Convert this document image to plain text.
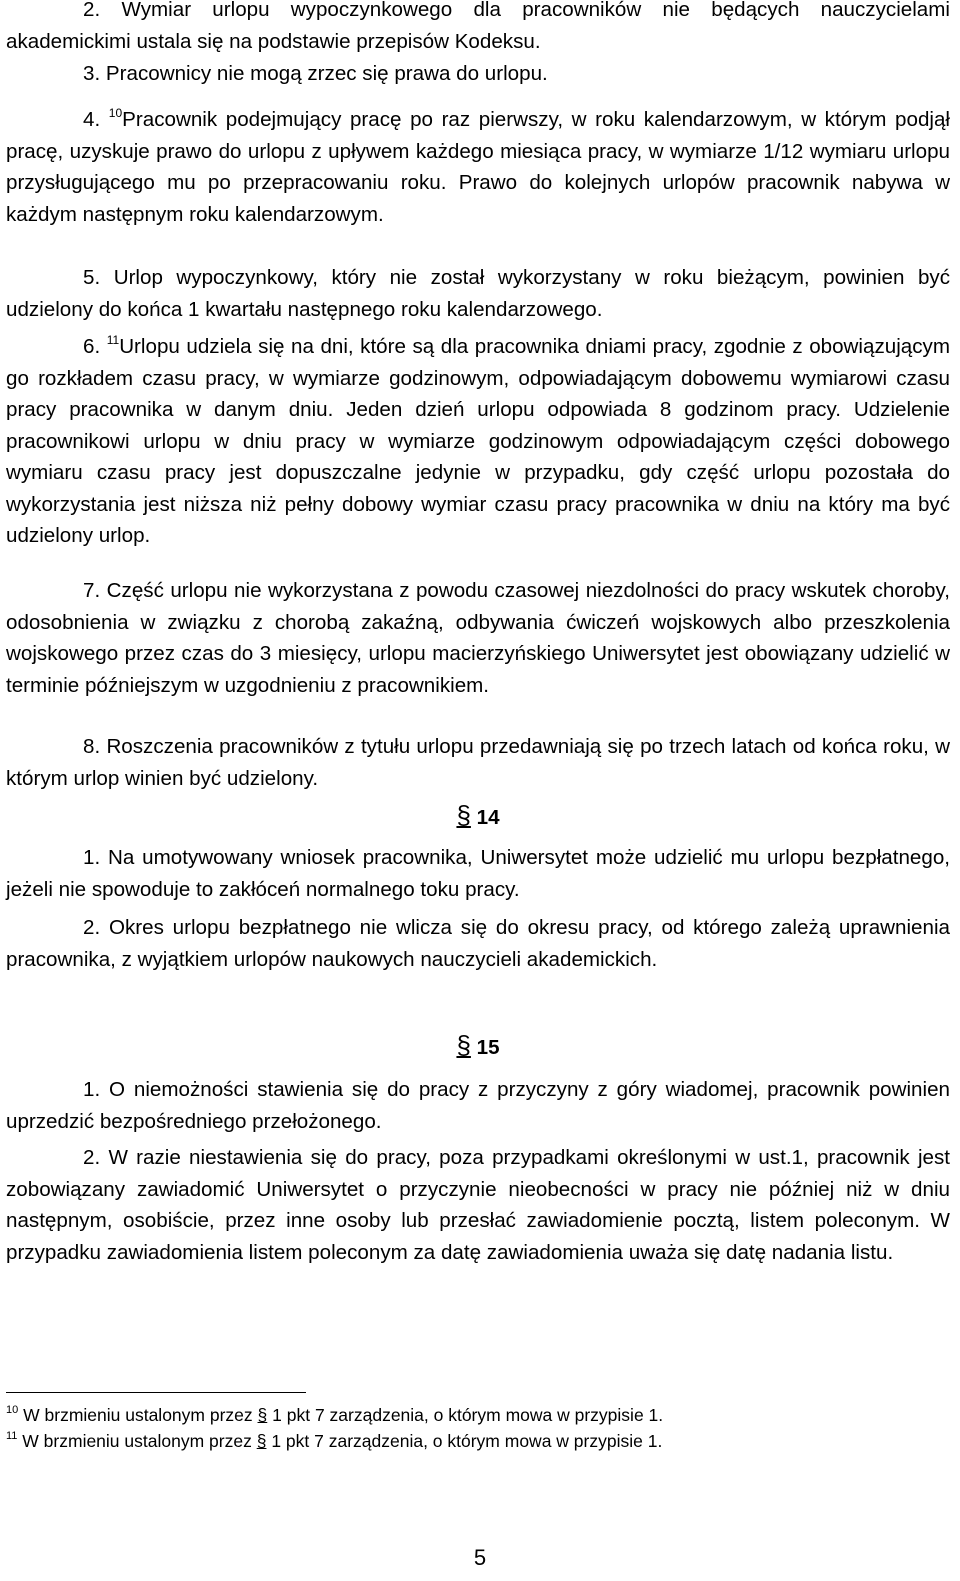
2. Wymiar urlopu wypoczynkowego dla pracowników nie będących nauczycielami akademickimi ustala się na podstawie przepisów Kodeksu.

3. Pracownicy nie mogą zrzec się prawa do urlopu.

4. $^{10}$Pracownik podejmujący pracę po raz pierwszy, w roku kalendarzowym, w którym podjął pracę, uzyskuje prawo do urlopu z upływem każdego miesiąca pracy, w wymiarze 1/12 wymiaru urlopu przysługującego mu po przepracowaniu roku. Prawo do kolejnych urlopów pracownik nabywa w każdym następnym roku kalendarzowym.

5. Urlop wypoczynkowy, który nie został wykorzystany w roku bieżącym, powinien być udzielony do końca 1 kwartału następnego roku kalendarzowego.

6. $^{11}$Urlopu udziela się na dni, które są dla pracownika dniami pracy, zgodnie z obowiązującym go rozkładem czasu pracy, w wymiarze godzinowym, odpowiadającym dobowemu wymiarowi czasu pracy pracownika w danym dniu. Jeden dzień urlopu odpowiada 8 godzinom pracy. Udzielenie pracownikowi urlopu w dniu pracy w wymiarze godzinowym odpowiadającym części dobowego wymiaru czasu pracy jest dopuszczalne jedynie w przypadku, gdy część urlopu pozostała do wykorzystania jest niższa niż pełny dobowy wymiar czasu pracy pracownika w dniu na który ma być udzielony urlop.

7. Część urlopu nie wykorzystana z powodu czasowej niezdolności do pracy wskutek choroby, odosobnienia w związku z chorobą zakaźną, odbywania ćwiczeń wojskowych albo przeszkolenia wojskowego przez czas do 3 miesięcy, urlopu macierzyńskiego Uniwersytet jest obowiązany udzielić w terminie późniejszym w uzgodnieniu z pracownikiem.

8. Roszczenia pracowników z tytułu urlopu przedawniają się po trzech latach od końca roku, w którym urlop winien być udzielony.

§ 14

1. Na umotywowany wniosek pracownika, Uniwersytet może udzielić mu urlopu bezpłatnego, jeżeli nie spowoduje to zakłóceń normalnego toku pracy.

2. Okres urlopu bezpłatnego nie wlicza się do okresu pracy, od którego zależą uprawnienia pracownika, z wyjątkiem urlopów naukowych nauczycieli akademickich.

§ 15

1. O niemożności stawienia się do pracy z przyczyny z góry wiadomej, pracownik powinien uprzedzić bezpośredniego przełożonego.

2. W razie niestawienia się do pracy, poza przypadkami określonymi w ust.1, pracownik jest zobowiązany zawiadomić Uniwersytet o przyczynie nieobecności w pracy nie później niż w dniu następnym, osobiście, przez inne osoby lub przesłać zawiadomienie pocztą, listem poleconym. W przypadku zawiadomienia listem poleconym za datę zawiadomienia uważa się datę nadania listu.

$^{10}$ W brzmieniu ustalonym przez § 1 pkt 7 zarządzenia, o którym mowa w przypisie 1.
$^{11}$ W brzmieniu ustalonym przez § 1 pkt 7 zarządzenia, o którym mowa w przypisie 1.
5
